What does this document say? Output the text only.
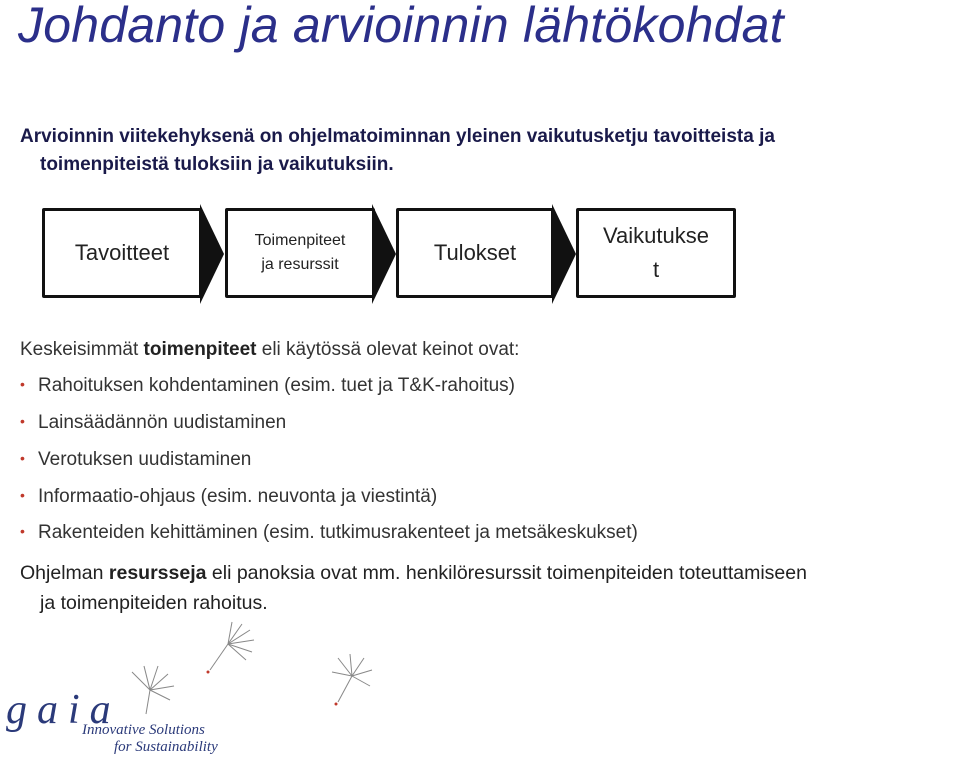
Johdanto ja arvioinnin lähtökohdat
Arvioinnin viitekehyksenä on ohjelmatoiminnan yleinen vaikutusketju tavoitteista ja
toimenpiteistä tuloksiin ja vaikutuksiin.
Tavoitteet	Toimenpiteet
ja resurssit	Tulokset
Vaikutukse
t
Keskeisimmät toimenpiteet eli käytössä olevat keinot ovat:
• Rahoituksen kohdentaminen (esim. tuet ja T&K-rahoitus)
• Lainsäädännön uudistaminen
• Verotuksen uudistaminen
• Informaatio-ohjaus (esim. neuvonta ja viestintä)
• Rakenteiden kehittäminen (esim. tutkimusrakenteet ja metsäkeskukset)
Ohjelman resursseja eli panoksia ovat mm. henkilöresurssit toimenpiteiden toteuttamiseen
ja toimenpiteiden rahoitus.
gaia
Innovative Solutions
for Sustainability
